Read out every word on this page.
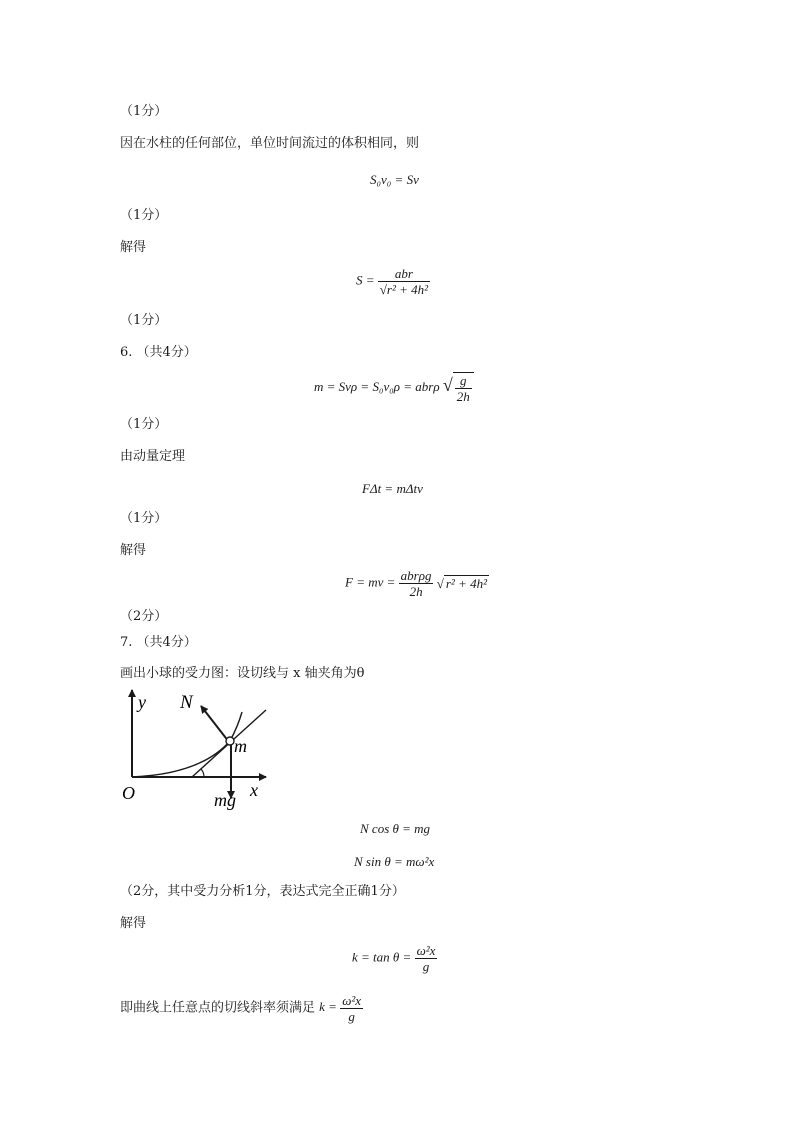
（1分）
因在水柱的任何部位，单位时间流过的体积相同，则
S₀v₀ = Sv
（1分）
解得
$S = \frac{\text{abr}}{\text{√r² + 4h²}}$
（1分）
6. （共4分）
m = Svρ = S₀v₀ρ = abrρ √ $\frac{g}{2h}$
（1分）
由动量定理
FΔt = mΔtv
（1分）
解得
F = mv = $\frac{\text{abrρg}}{2h}$ √ r² + 4h²
（2分）
7. （共4分）
画出小球的受力图：设切线与 x 轴夹角为θ
y
x
O
N
m
mg
N cos θ = mg
N sin θ = mω²x
（2分，其中受力分析1分，表达式完全正确1分）
解得
$k = \tan \theta = \frac{\text{ω²x}}{g}$
即曲线上任意点的切线斜率须满足 $k = \frac{\text{ω²x}}{g}$
